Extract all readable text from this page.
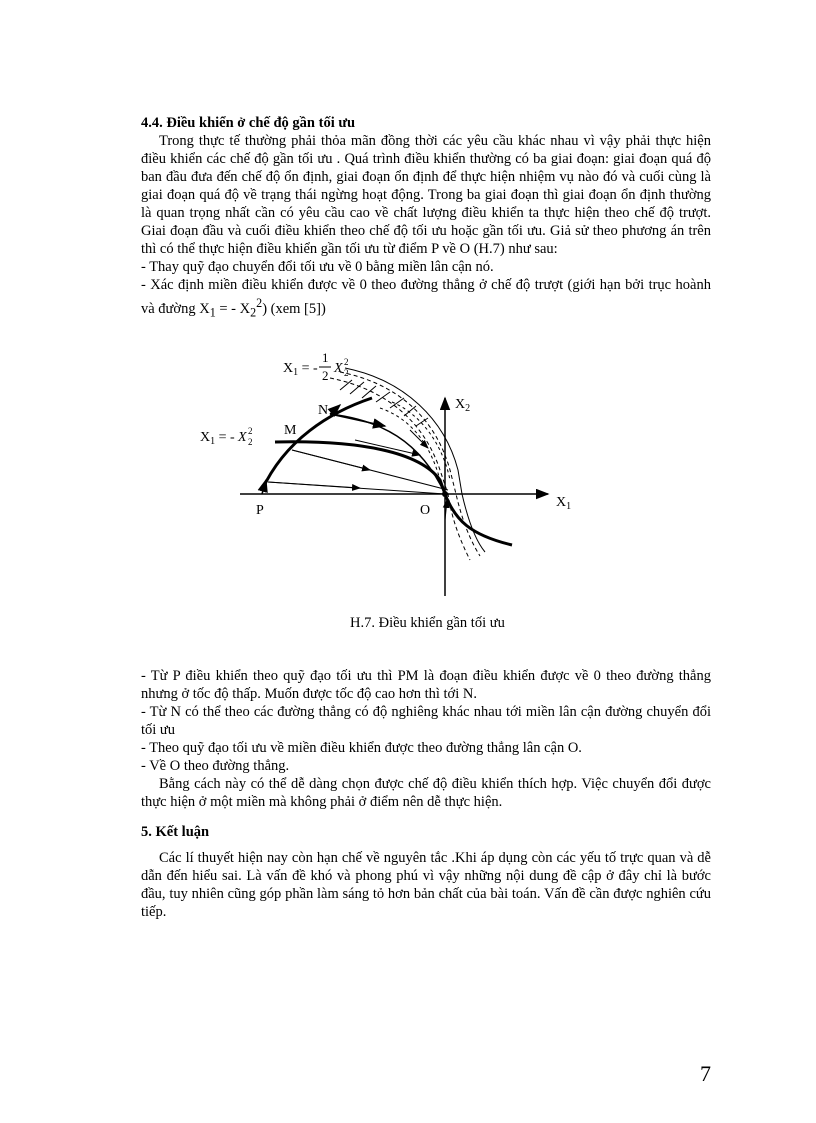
4.4. Điều khiển ở chế độ gần tối ưu

Trong thực tế thường phải thỏa mãn đồng thời các yêu cầu khác nhau vì vậy phải thực hiện điều khiển các chế độ gần tối ưu . Quá trình điều khiển thường có ba giai đoạn: giai đoạn quá độ ban đầu đưa đến chế độ ổn định, giai đoạn ổn định để thực hiện nhiệm vụ nào đó và cuối cùng là giai đoạn quá độ về trạng thái ngừng hoạt động. Trong ba giai đoạn thì giai đoạn ổn định thường là quan trọng nhất cần có yêu cầu cao về chất lượng điều khiển ta thực hiện theo chế độ trượt. Giai đoạn đầu và cuối điều khiển theo chế độ tối ưu hoặc gần tối ưu. Giả sử theo phương án trên thì có thể thực hiện điều khiển gần tối ưu từ điểm P về O (H.7) như sau:

- Thay quỹ đạo chuyển đổi tối ưu về 0 bằng miền lân cận nó.

- Xác định miền điều khiển được về 0 theo đường thẳng ở chế độ trượt (giới hạn bởi trục hoành và đường $X_1$ = - $X_2^2$) (xem [5])

$X_1$ = -
1
2 X 2
2
$X_1$ = - X 2
2
N
M
P	O
$X_2$
$X_1$
H.7. Điều khiển gần tối ưu

- Từ P điều khiển theo quỹ đạo tối ưu thì PM là đoạn điều khiển được về 0 theo đường thẳng nhưng ở tốc độ thấp. Muốn được tốc độ cao hơn thì tới N.

- Từ N có thể theo các đường thẳng có độ nghiêng khác nhau tới miền lân cận đường chuyển đổi tối ưu

- Theo quỹ đạo tối ưu về miền điều khiển được theo đường thẳng lân cận O.

- Về O theo đường thẳng.

Bằng cách này có thể dễ dàng chọn được chế độ điều khiển thích hợp. Việc chuyển đổi được thực hiện ở một miền mà không phải ở điểm nên dễ thực hiện.

5. Kết luận

Các lí thuyết hiện nay còn hạn chế về nguyên tắc .Khi áp dụng còn các yếu tố trực quan và dễ dẫn đến hiểu sai. Là vấn đề khó và phong phú vì vậy những nội dung đề cập ở đây chỉ là bước đầu, tuy nhiên cũng góp phần làm sáng tỏ hơn bản chất của bài toán. Vấn đề cần được nghiên cứu tiếp.

7
